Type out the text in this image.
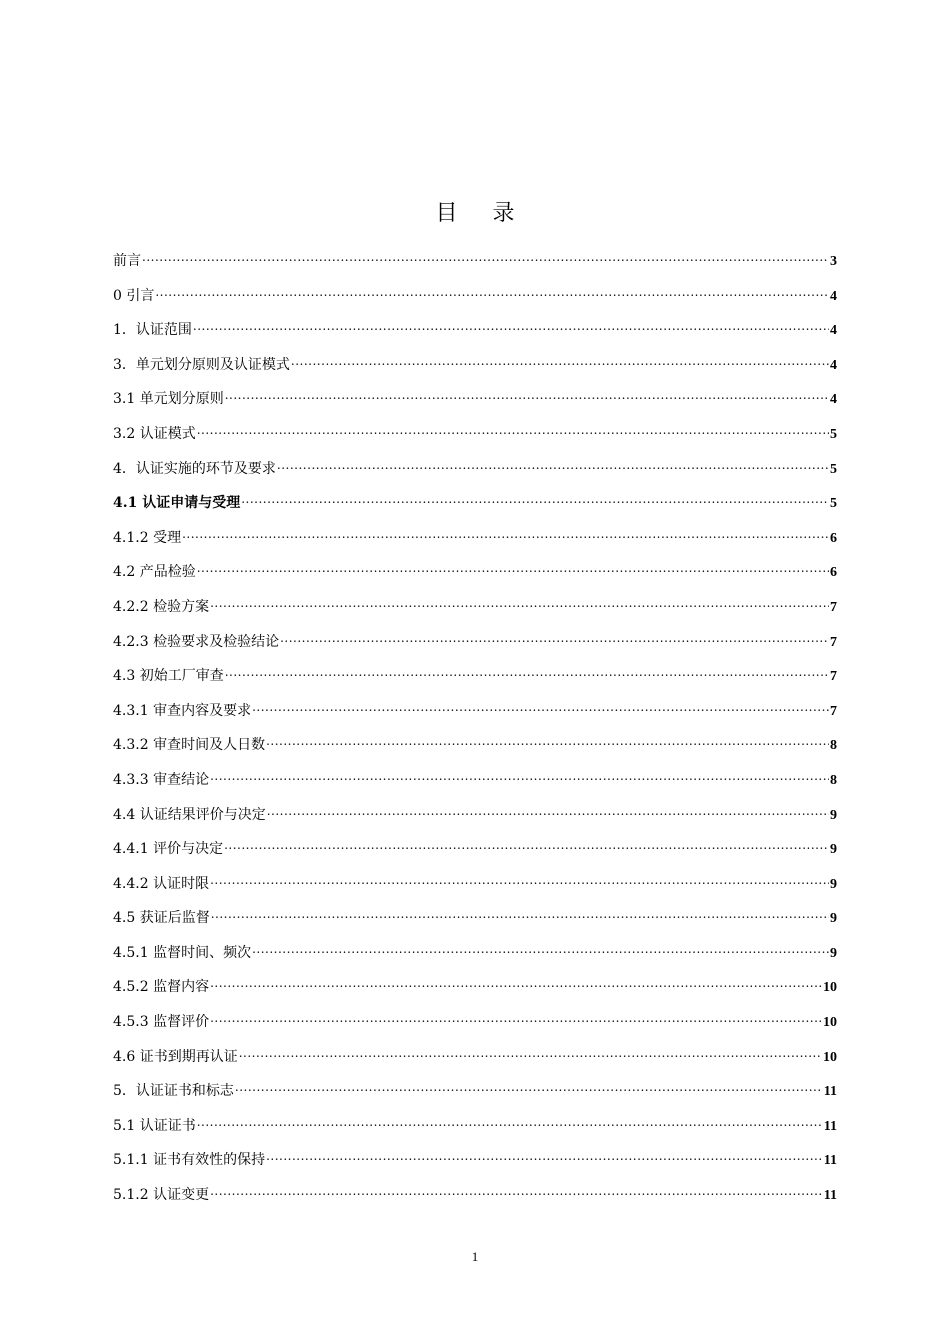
目 录
前言 .....	3
0 引言 .....	4
1．认证范围 .....	4
3．单元划分原则及认证模式 .....	4
3.1 单元划分原则 .....	4
3.2 认证模式 .....	5
4．认证实施的环节及要求 .....	5
4.1 认证申请与受理 .....	5
4.1.2 受理 .....	6
4.2 产品检验 .....	6
4.2.2 检验方案 .....	7
4.2.3 检验要求及检验结论 .....	7
4.3 初始工厂审查 .....	7
4.3.1 审查内容及要求 .....	7
4.3.2 审查时间及人日数 .....	8
4.3.3 审查结论 .....	8
4.4 认证结果评价与决定 .....	9
4.4.1 评价与决定 .....	9
4.4.2 认证时限 .....	9
4.5 获证后监督 .....	9
4.5.1 监督时间、频次 .....	9
4.5.2 监督内容 .....	10
4.5.3 监督评价 .....	10
4.6 证书到期再认证 .....	10
5．认证证书和标志 .....	11
5.1 认证证书 .....	11
5.1.1 证书有效性的保持 .....	11
5.1.2 认证变更 .....	11
1
